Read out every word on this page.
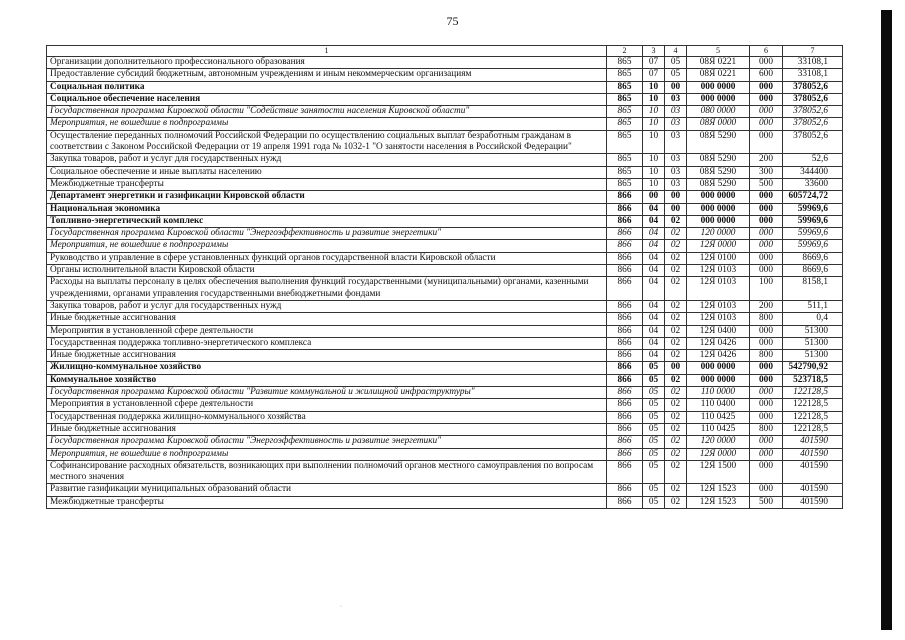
75
1	2	3	4	5	6	7
Организации дополнительного профессионального образования	865	07	05	08Я 0221	000	33108,1
Предоставление субсидий бюджетным, автономным учреждениям и иным некоммерческим организациям	865	07	05	08Я 0221	600	33108,1
Социальная политика	865	10	00	000 0000	000	378052,6
Социальное обеспечение населения	865	10	03	000 0000	000	378052,6
Государственная программа Кировской области "Содействие занятости населения Кировской области"	865	10	03	080 0000	000	378052,6
Мероприятия, не вошедшие в подпрограммы	865	10	03	08Я 0000	000	378052,6
Осуществление переданных полномочий Российской Федерации по осуществлению социальных выплат безработным гражданам в соответствии с Законом Российской Федерации от 19 апреля 1991 года № 1032-1 "О занятости населения в Российской Федерации"	865	10	03	08Я 5290	000	378052,6
Закупка товаров, работ и услуг для государственных нужд	865	10	03	08Я 5290	200	52,6
Социальное обеспечение и иные выплаты населению	865	10	03	08Я 5290	300	344400
Межбюджетные трансферты	865	10	03	08Я 5290	500	33600
Департамент энергетики и газификации Кировской области	866	00	00	000 0000	000	605724,72
Национальная экономика	866	04	00	000 0000	000	59969,6
Топливно-энергетический комплекс	866	04	02	000 0000	000	59969,6
Государственная программа Кировской области "Энергоэффективность и развитие энергетики"	866	04	02	120 0000	000	59969,6
Мероприятия, не вошедшие в подпрограммы	866	04	02	12Я 0000	000	59969,6
Руководство и управление в сфере установленных функций органов государственной власти Кировской области	866	04	02	12Я 0100	000	8669,6
Органы исполнительной власти Кировской области	866	04	02	12Я 0103	000	8669,6
Расходы на выплаты персоналу в целях обеспечения выполнения функций государственными (муниципальными) органами, казенными учреждениями, органами управления государственными внебюджетными фондами	866	04	02	12Я 0103	100	8158,1
Закупка товаров, работ и услуг для государственных нужд	866	04	02	12Я 0103	200	511,1
Иные бюджетные ассигнования	866	04	02	12Я 0103	800	0,4
Мероприятия в установленной сфере деятельности	866	04	02	12Я 0400	000	51300
Государственная поддержка топливно-энергетического комплекса	866	04	02	12Я 0426	000	51300
Иные бюджетные ассигнования	866	04	02	12Я 0426	800	51300
Жилищно-коммунальное хозяйство	866	05	00	000 0000	000	542790,92
Коммунальное хозяйство	866	05	02	000 0000	000	523718,5
Государственная программа Кировской области "Развитие коммунальной и жилищной инфраструктуры"	866	05	02	110 0000	000	122128,5
Мероприятия в установленной сфере деятельности	866	05	02	110 0400	000	122128,5
Государственная поддержка жилищно-коммунального хозяйства	866	05	02	110 0425	000	122128,5
Иные бюджетные ассигнования	866	05	02	110 0425	800	122128,5
Государственная программа Кировской области "Энергоэффективность и развитие энергетики"	866	05	02	120 0000	000	401590
Мероприятия, не вошедшие в подпрограммы	866	05	02	12Я 0000	000	401590
Софинансирование расходных обязательств, возникающих при выполнении полномочий органов местного самоуправления по вопросам местного значения	866	05	02	12Я 1500	000	401590
Развитие газификации муниципальных образований области	866	05	02	12Я 1523	000	401590
Межбюджетные трансферты	866	05	02	12Я 1523	500	401590
·
